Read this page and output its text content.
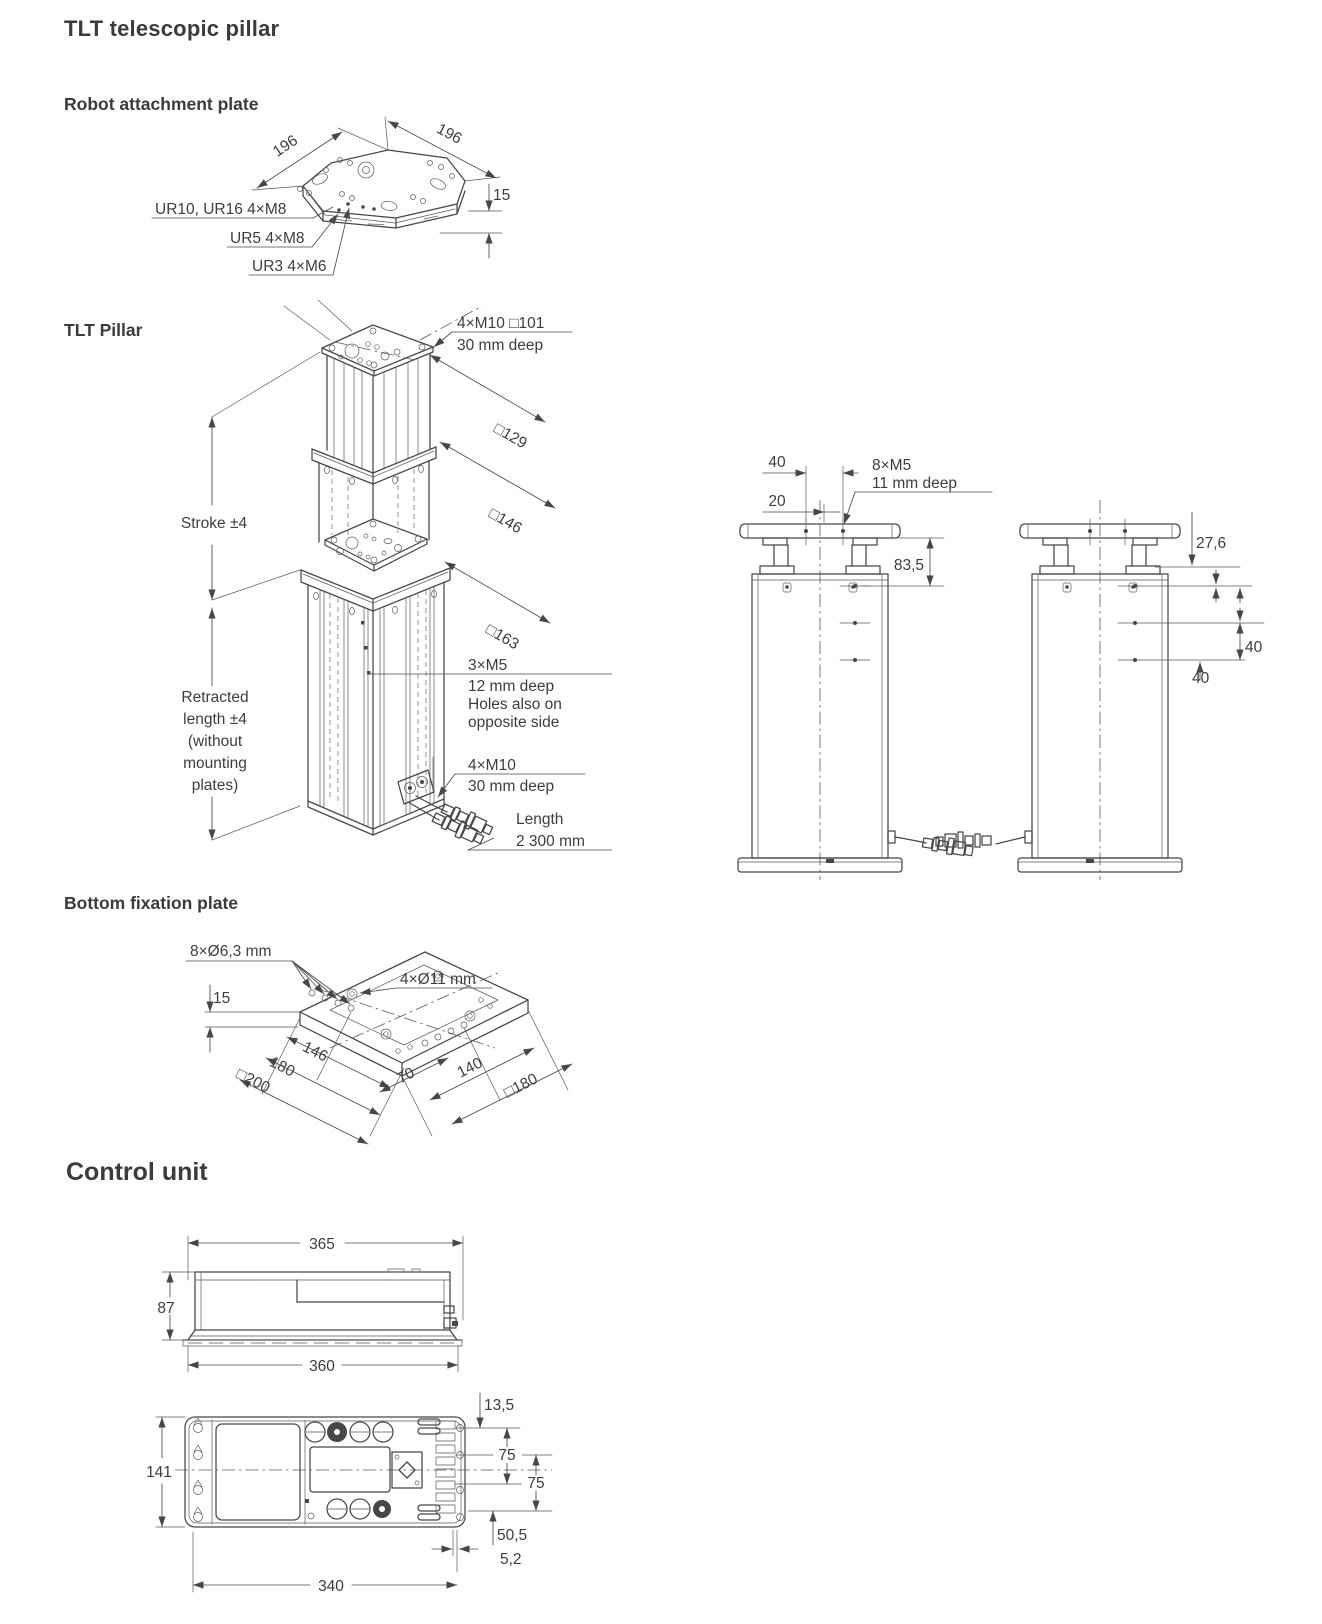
TLT telescopic pillar
Robot attachment plate
TLT Pillar
Bottom fixation plate
Control unit
196	196
15
UR10, UR16 4×M8
UR5 4×M8
UR3 4×M6
4×M10 □101
30 mm deep
□129
□146
□163
Stroke ±4
Retracted
length ±4
(without
mounting
plates)
3×M5
12 mm deep
Holes also on
opposite side
4×M10
30 mm deep
Length
2 300 mm
40
20
8×M5
11 mm deep
83,5
27,6
40
40
8×Ø6,3 mm
4×Ø11 mm
15
146
180
□200	70 140
□180
365
87
360
141
13,5
75
75
50,5
5,2
340
